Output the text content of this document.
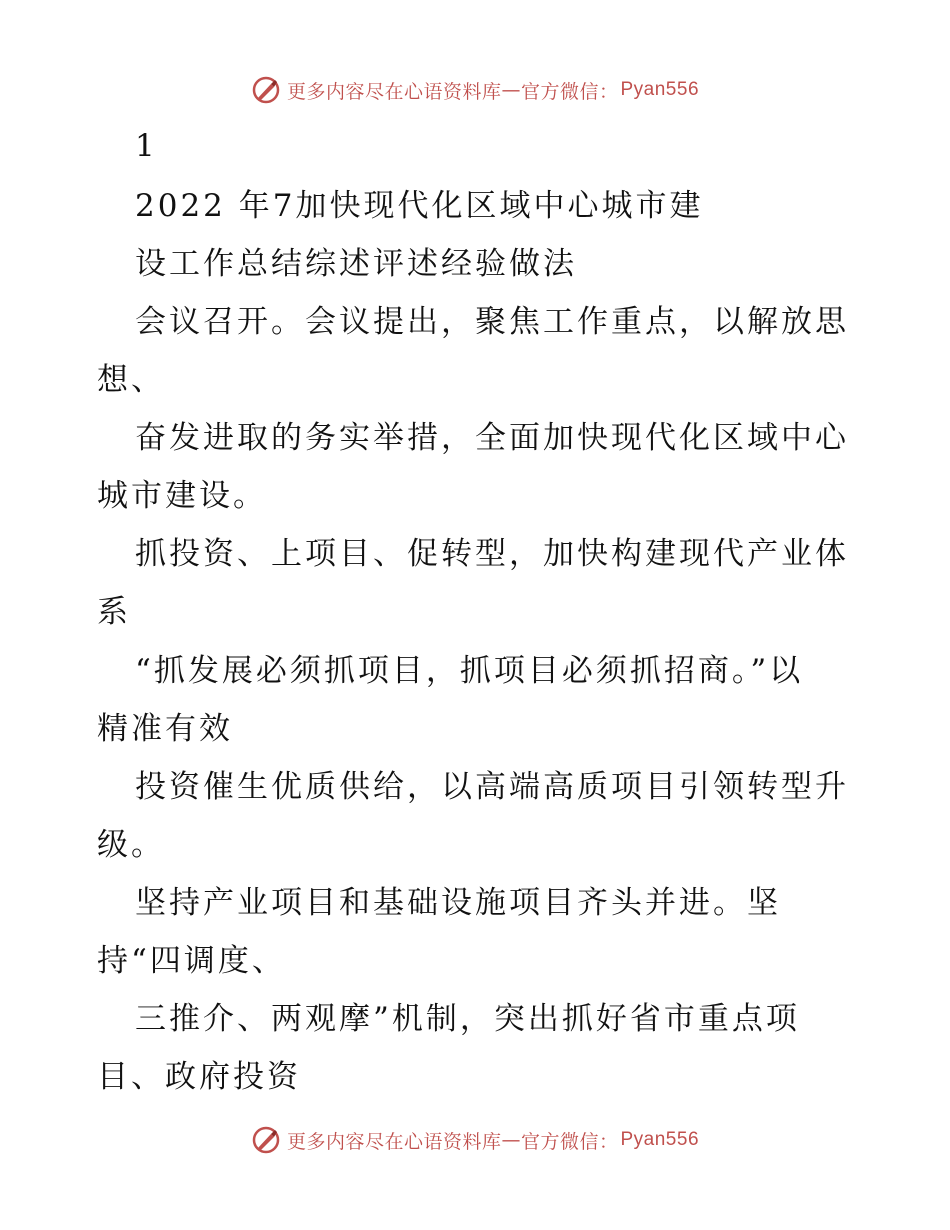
更多内容尽在心语资料库 — 官方微信： Pyan556
1
2022 年7加快现代化区域中心城市建
设工作总结综述评述经验做法
会议召开。会议提出，聚焦工作重点，以解放思
想、
奋发进取的务实举措，全面加快现代化区域中心
城市建设。
抓投资、上项目、促转型，加快构建现代产业体
系
“抓发展必须抓项目，抓项目必须抓招商。”以
精准有效
投资催生优质供给，以高端高质项目引领转型升
级。
坚持产业项目和基础设施项目齐头并进。坚
持“四调度、
三推介、两观摩”机制，突出抓好省市重点项
目、政府投资
更多内容尽在心语资料库 — 官方微信： Pyan556
